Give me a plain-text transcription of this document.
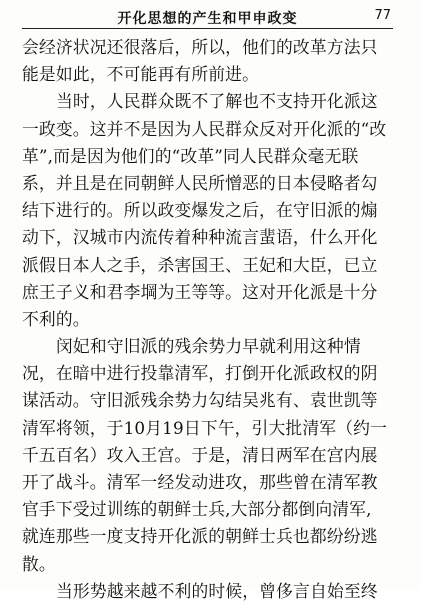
开化思想的产生和甲申政变	77
会经济状况还很落后，所以，他们的改革方法只
能是如此，不可能再有所前进。
当时，人民群众既不了解也不支持开化派这
一政变。这并不是因为人民群众反对开化派的“改
革”,而是因为他们的“改革”同人民群众毫无联
系，并且是在同朝鲜人民所憎恶的日本侵略者勾
结下进行的。所以政变爆发之后，在守旧派的煽
动下，汉城市内流传着种种流言蜚语，什么开化
派假日本人之手，杀害国王、王妃和大臣，已立
庶王子义和君李堈为王等等。这对开化派是十分
不利的。
闵妃和守旧派的残余势力早就利用这种情
况，在暗中进行投靠清军，打倒开化派政权的阴
谋活动。守旧派残余势力勾结吴兆有、袁世凯等
清军将领，于10月19日下午，引大批清军（约一
千五百名）攻入王宫。于是，清日两军在宫内展
开了战斗。清军一经发动进攻，那些曾在清军教
官手下受过训练的朝鲜士兵,大部分都倒向清军,
就连那些一度支持开化派的朝鲜士兵也都纷纷逃
散。
当形势越来越不利的时候，曾侈言自始至终
